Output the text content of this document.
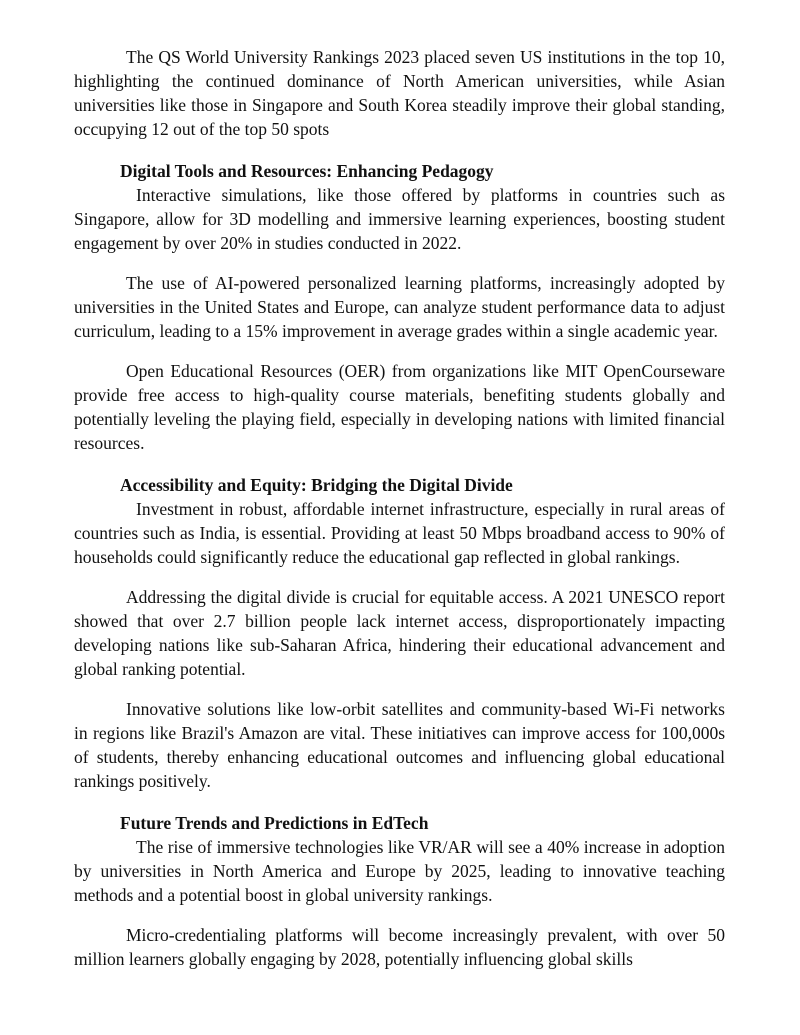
The QS World University Rankings 2023 placed seven US institutions in the top 10, highlighting the continued dominance of North American universities, while Asian universities like those in Singapore and South Korea steadily improve their global standing, occupying 12 out of the top 50 spots

Digital Tools and Resources: Enhancing Pedagogy

Interactive simulations, like those offered by platforms in countries such as Singapore, allow for 3D modelling and immersive learning experiences, boosting student engagement by over 20% in studies conducted in 2022.

The use of AI-powered personalized learning platforms, increasingly adopted by universities in the United States and Europe, can analyze student performance data to adjust curriculum, leading to a 15% improvement in average grades within a single academic year.

Open Educational Resources (OER) from organizations like MIT OpenCourseware provide free access to high-quality course materials, benefiting students globally and potentially leveling the playing field, especially in developing nations with limited financial resources.

Accessibility and Equity: Bridging the Digital Divide

Investment in robust, affordable internet infrastructure, especially in rural areas of countries such as India, is essential. Providing at least 50 Mbps broadband access to 90% of households could significantly reduce the educational gap reflected in global rankings.

Addressing the digital divide is crucial for equitable access. A 2021 UNESCO report showed that over 2.7 billion people lack internet access, disproportionately impacting developing nations like sub-Saharan Africa, hindering their educational advancement and global ranking potential.

Innovative solutions like low-orbit satellites and community-based Wi-Fi networks in regions like Brazil's Amazon are vital. These initiatives can improve access for 100,000s of students, thereby enhancing educational outcomes and influencing global educational rankings positively.

Future Trends and Predictions in EdTech

The rise of immersive technologies like VR/AR will see a 40% increase in adoption by universities in North America and Europe by 2025, leading to innovative teaching methods and a potential boost in global university rankings.

Micro-credentialing platforms will become increasingly prevalent, with over 50 million learners globally engaging by 2028, potentially influencing global skills
